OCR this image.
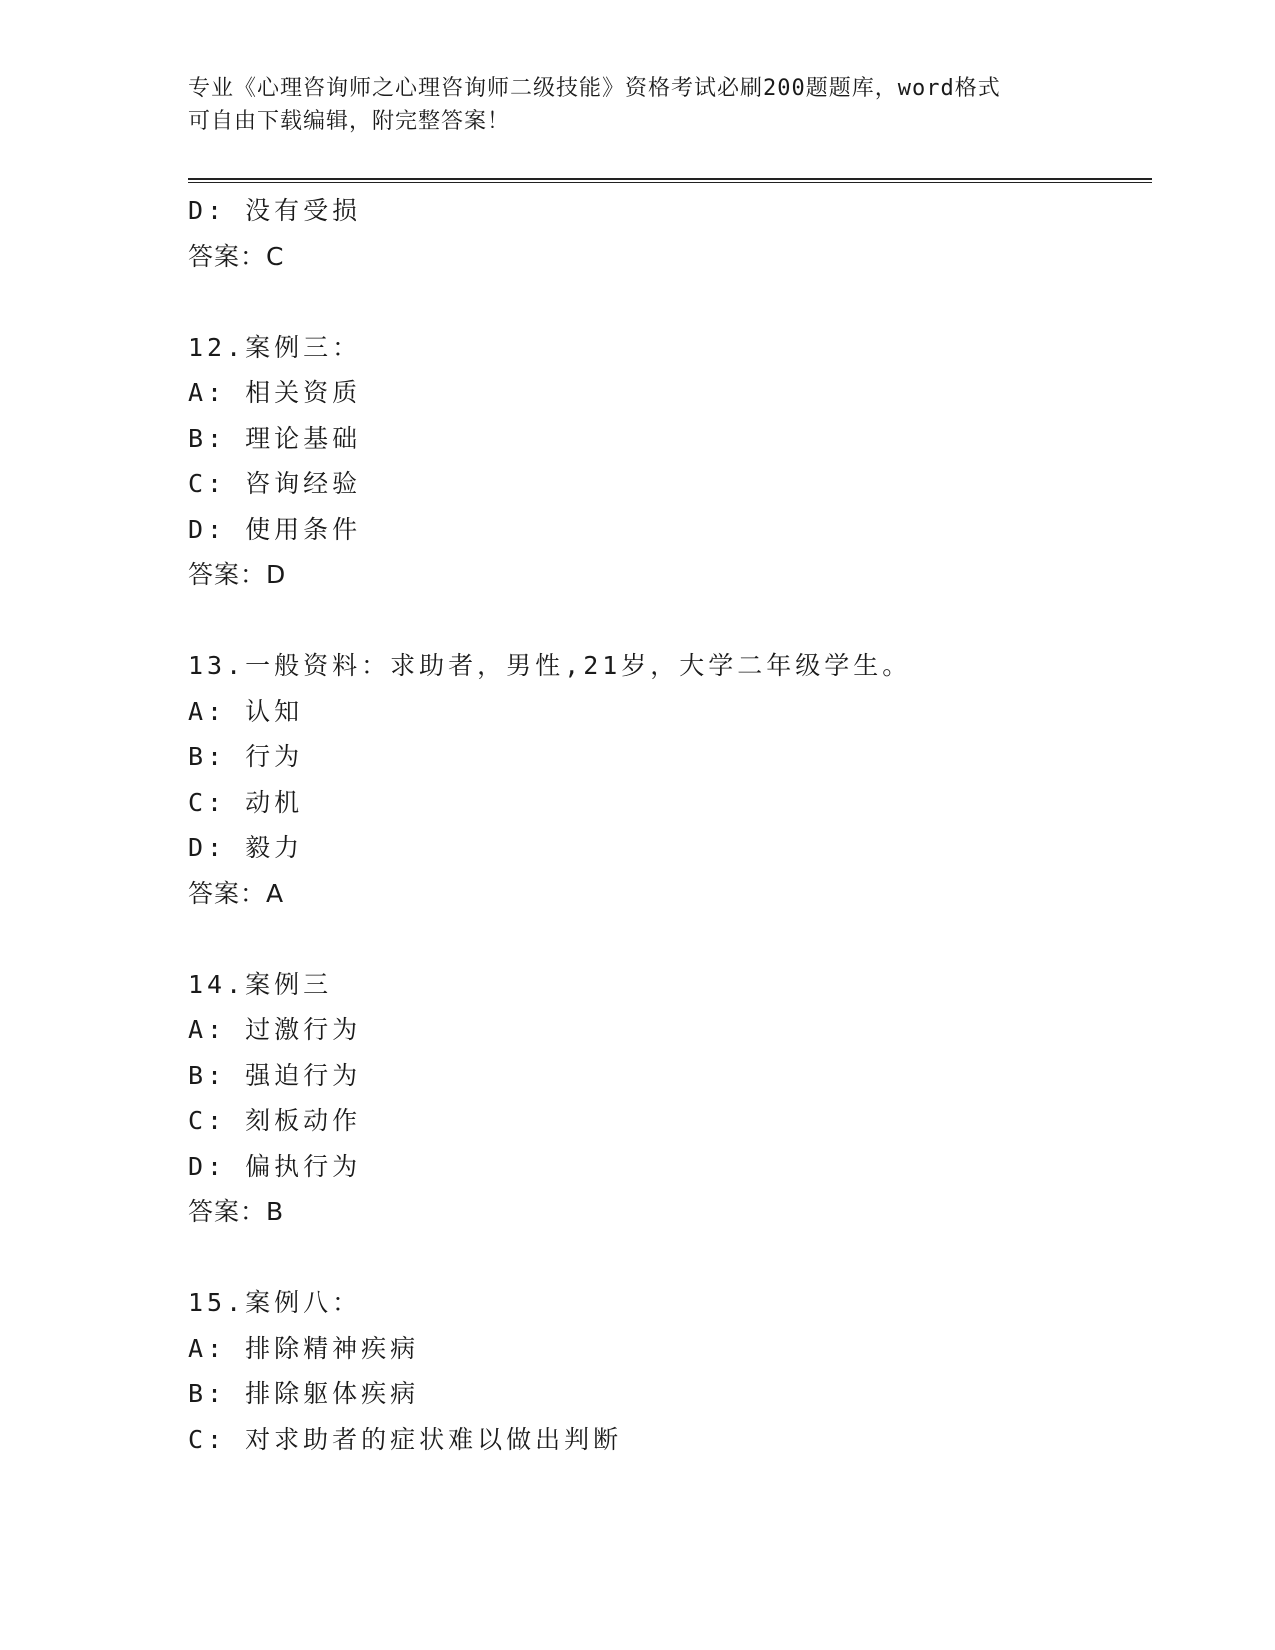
专业《心理咨询师之心理咨询师二级技能》资格考试必刷200题题库，word格式
可自由下载编辑，附完整答案！
D: 没有受损
答案：C
12.案例三：
A: 相关资质
B: 理论基础
C: 咨询经验
D: 使用条件
答案：D
13.一般资料：求助者，男性,21岁，大学二年级学生。
A: 认知
B: 行为
C: 动机
D: 毅力
答案：A
14.案例三
A: 过激行为
B: 强迫行为
C: 刻板动作
D: 偏执行为
答案：B
15.案例八：
A: 排除精神疾病
B: 排除躯体疾病
C: 对求助者的症状难以做出判断
